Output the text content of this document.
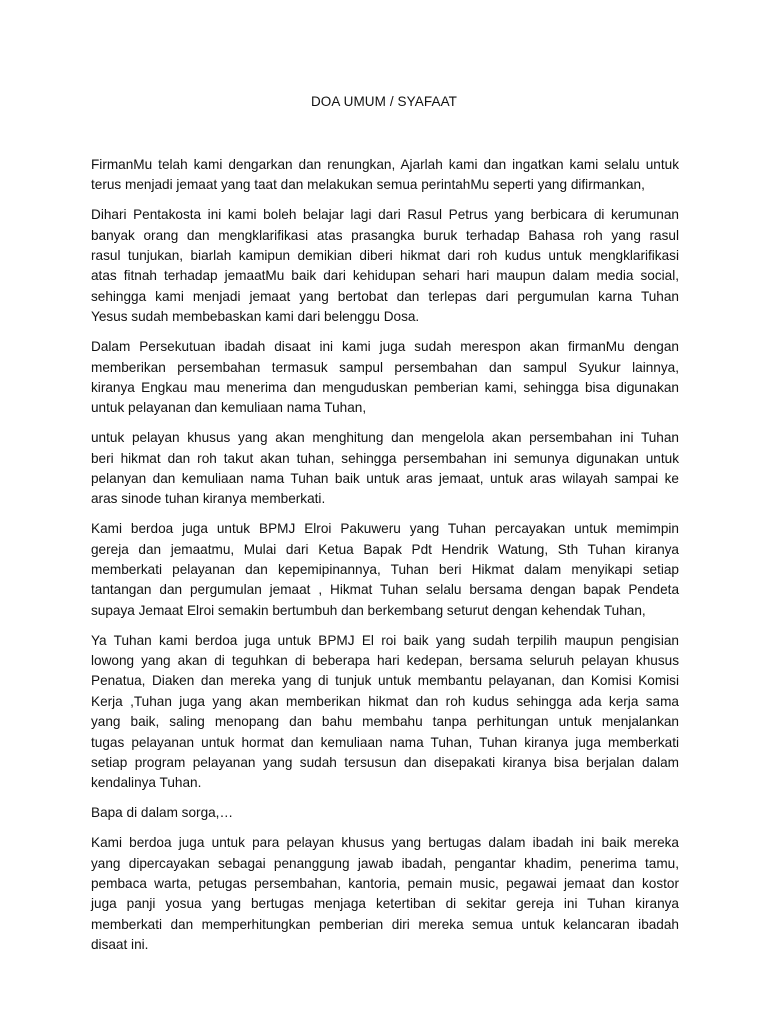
DOA UMUM / SYAFAAT
FirmanMu telah kami dengarkan dan renungkan, Ajarlah kami dan ingatkan kami selalu untuk
terus menjadi jemaat yang taat dan melakukan semua perintahMu seperti yang difirmankan,
Dihari Pentakosta ini kami boleh belajar lagi dari Rasul Petrus yang berbicara di kerumunan
banyak orang dan mengklarifikasi atas prasangka buruk terhadap Bahasa roh yang rasul
rasul tunjukan, biarlah kamipun demikian diberi hikmat dari roh kudus untuk mengklarifikasi
atas fitnah terhadap jemaatMu baik dari kehidupan sehari hari maupun dalam media social,
sehingga kami menjadi jemaat yang bertobat dan terlepas dari pergumulan karna Tuhan
Yesus sudah membebaskan kami dari belenggu Dosa.
Dalam Persekutuan ibadah disaat ini kami juga sudah merespon akan firmanMu dengan
memberikan persembahan termasuk sampul persembahan dan sampul Syukur lainnya,
kiranya Engkau mau menerima dan menguduskan pemberian kami, sehingga bisa digunakan
untuk pelayanan dan kemuliaan nama Tuhan,
untuk pelayan khusus yang akan menghitung dan mengelola akan persembahan ini Tuhan
beri hikmat dan roh takut akan tuhan, sehingga persembahan ini semunya digunakan untuk
pelanyan dan kemuliaan nama Tuhan baik untuk aras jemaat, untuk aras wilayah sampai ke
aras sinode tuhan kiranya memberkati.
Kami berdoa juga untuk BPMJ Elroi Pakuweru yang Tuhan percayakan untuk memimpin
gereja dan jemaatmu, Mulai dari Ketua Bapak Pdt Hendrik Watung, Sth Tuhan kiranya
memberkati pelayanan dan kepemipinannya, Tuhan beri Hikmat dalam menyikapi setiap
tantangan dan pergumulan jemaat , Hikmat Tuhan selalu bersama dengan bapak Pendeta
supaya Jemaat Elroi semakin bertumbuh dan berkembang seturut dengan kehendak Tuhan,
Ya Tuhan kami berdoa juga untuk BPMJ El roi baik yang sudah terpilih maupun pengisian
lowong yang akan di teguhkan di beberapa hari kedepan, bersama seluruh pelayan khusus
Penatua, Diaken dan mereka yang di tunjuk untuk membantu pelayanan, dan Komisi Komisi
Kerja ,Tuhan juga yang akan memberikan hikmat dan roh kudus sehingga ada kerja sama
yang baik, saling menopang dan bahu membahu tanpa perhitungan untuk menjalankan
tugas pelayanan untuk hormat dan kemuliaan nama Tuhan, Tuhan kiranya juga memberkati
setiap program pelayanan yang sudah tersusun dan disepakati kiranya bisa berjalan dalam
kendalinya Tuhan.
Bapa di dalam sorga,…
Kami berdoa juga untuk para pelayan khusus yang bertugas dalam ibadah ini baik mereka
yang dipercayakan sebagai penanggung jawab ibadah, pengantar khadim, penerima tamu,
pembaca warta, petugas persembahan, kantoria, pemain music, pegawai jemaat dan kostor
juga panji yosua yang bertugas menjaga ketertiban di sekitar gereja ini Tuhan kiranya
memberkati dan memperhitungkan pemberian diri mereka semua untuk kelancaran ibadah
disaat ini.
